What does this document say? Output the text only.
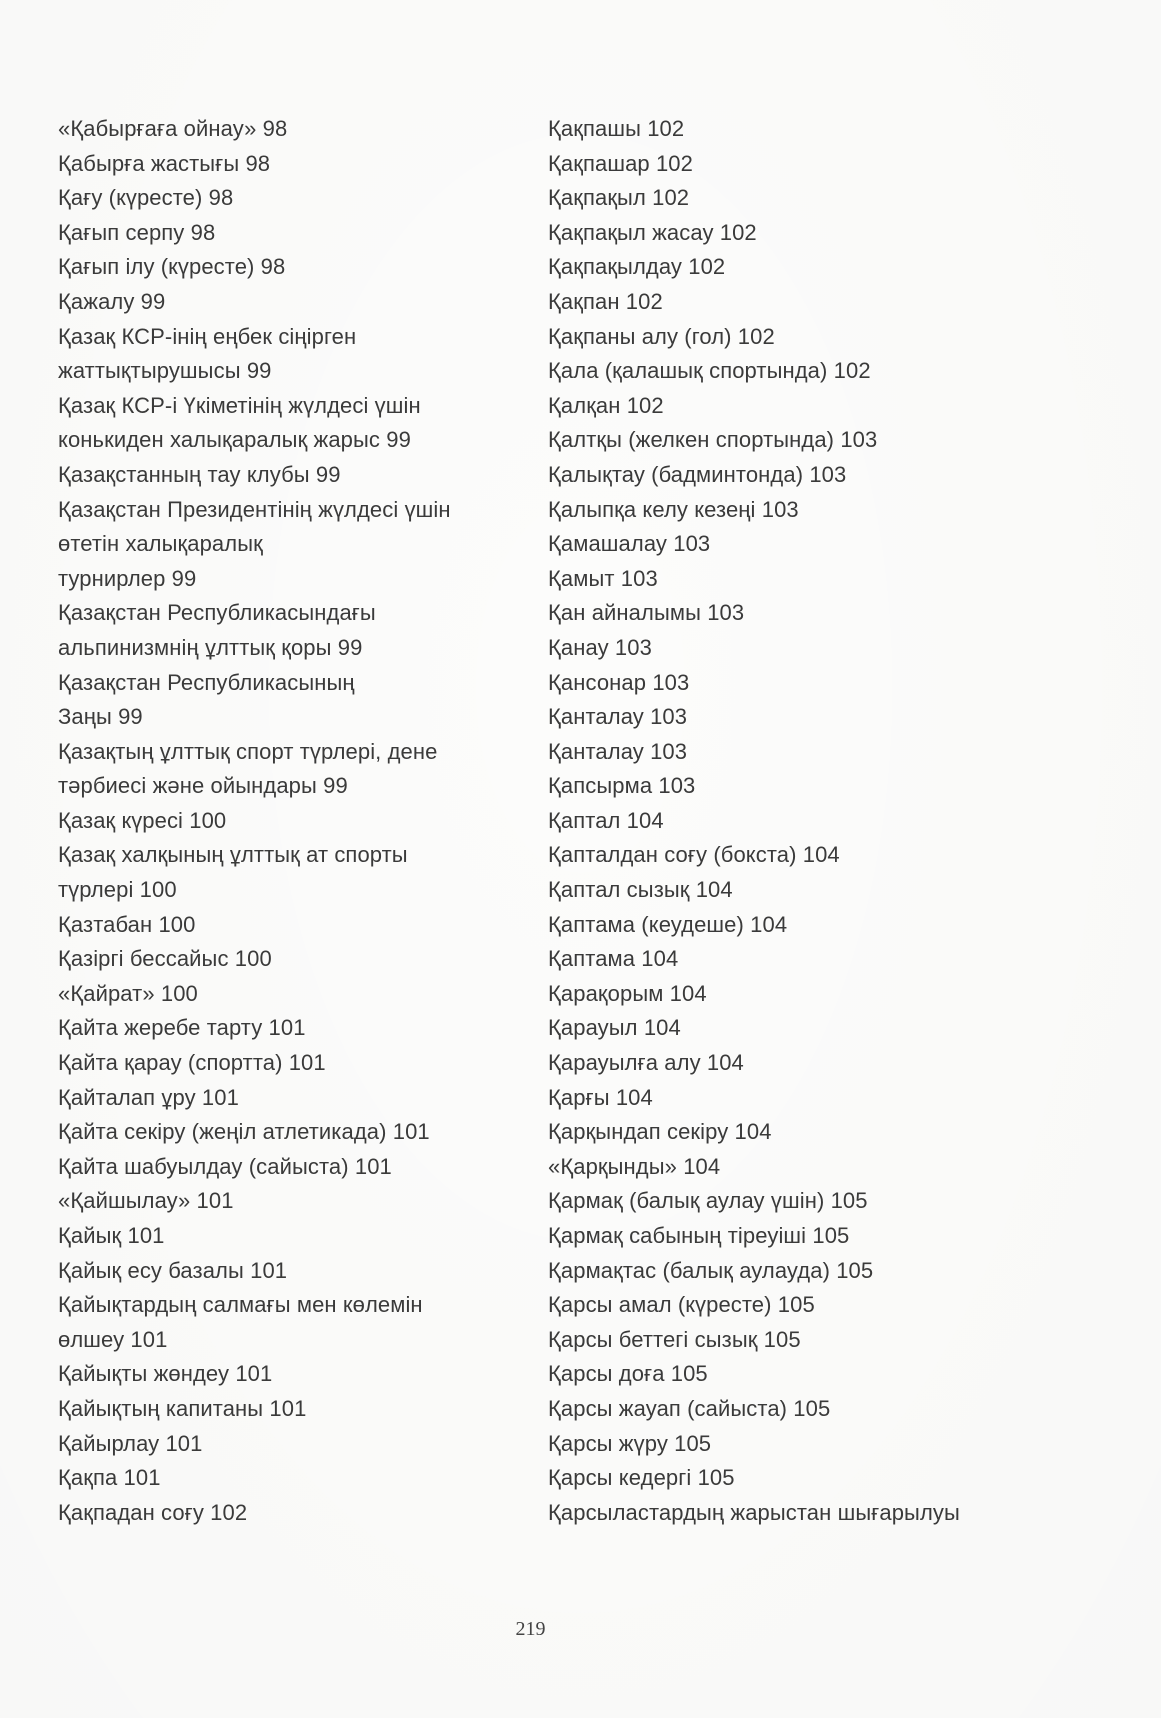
«Қабырғаға ойнау» 98
Қабырға жастығы 98
Қағу (күресте) 98
Қағып серпу 98
Қағып ілу (күресте) 98
Қажалу 99
Қазақ КСР-інің еңбек сіңірген
жаттықтырушысы 99
Қазақ КСР-і Үкіметінің жүлдесі үшін
конькиден халықаралық жарыс 99
Қазақстанның тау клубы 99
Қазақстан Президентінің жүлдесі үшін
өтетін халықаралық
турнирлер 99
Қазақстан Республикасындағы
альпинизмнің ұлттық қоры 99
Қазақстан Республикасының
Заңы 99
Қазақтың ұлттық спорт түрлері, дене
тәрбиесі және ойындары 99
Қазақ күресі 100
Қазақ халқының ұлттық ат спорты
түрлері 100
Қазтабан 100
Қазіргі бессайыс 100
«Қайрат» 100
Қайта жеребе тарту 101
Қайта қарау (спортта) 101
Қайталап ұру 101
Қайта секіру (жеңіл атлетикада) 101
Қайта шабуылдау (сайыста) 101
«Қайшылау» 101
Қайық 101
Қайық есу базалы 101
Қайықтардың салмағы мен көлемін
өлшеу 101
Қайықты жөндеу 101
Қайықтың капитаны 101
Қайырлау 101
Қақпа 101
Қақпадан соғу 102
Қақпашы 102
Қақпашар 102
Қақпақыл 102
Қақпақыл жасау 102
Қақпақылдау 102
Қақпан 102
Қақпаны алу (гол) 102
Қала (қалашық спортында) 102
Қалқан 102
Қалтқы (желкен спортында) 103
Қалықтау (бадминтонда) 103
Қалыпқа келу кезеңі 103
Қамашалау 103
Қамыт 103
Қан айналымы 103
Қанау 103
Қансонар 103
Қанталау 103
Қанталау 103
Қапсырма 103
Қаптал 104
Қапталдан соғу (бокста) 104
Қаптал сызық 104
Қаптама (кеудеше) 104
Қаптама 104
Қарақорым 104
Қарауыл 104
Қарауылға алу 104
Қарғы 104
Қарқындап секіру 104
«Қарқынды» 104
Қармақ (балық аулау үшін) 105
Қармақ сабының тіреуіші 105
Қармақтас (балық аулауда) 105
Қарсы амал (күресте) 105
Қарсы беттегі сызық 105
Қарсы доға 105
Қарсы жауап (сайыста) 105
Қарсы жүру 105
Қарсы кедергі 105
Қарсыластардың жарыстан шығарылуы
219
